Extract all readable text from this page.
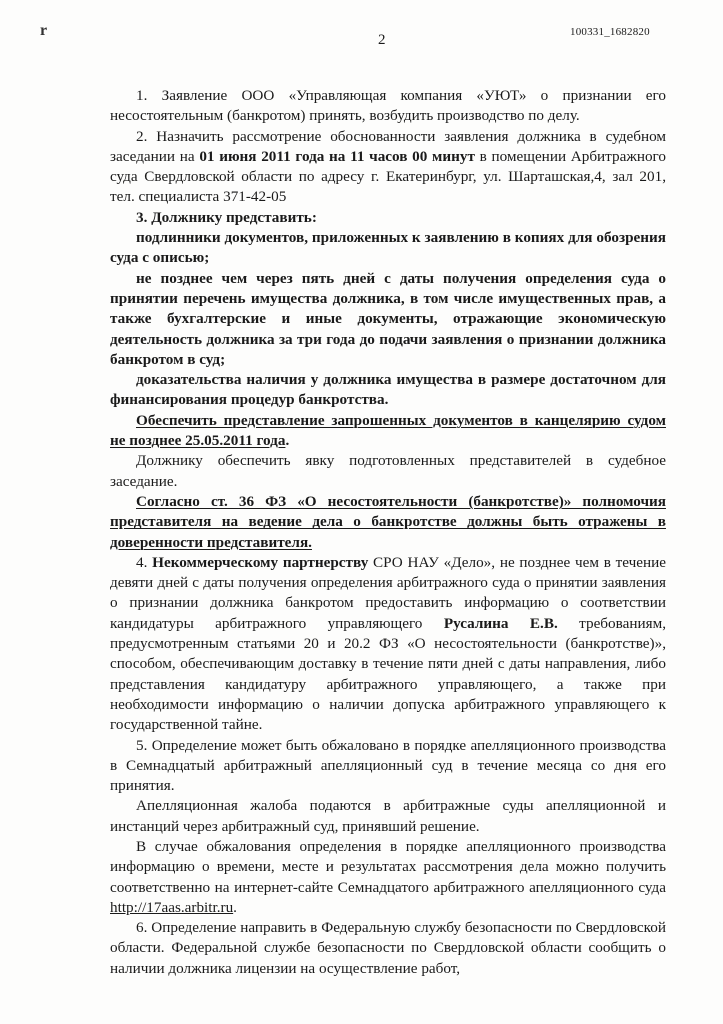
r
2	100331_1682820

1. Заявление ООО «Управляющая компания «УЮТ» о признании его несостоятельным (банкротом) принять, возбудить производство по делу.

2. Назначить рассмотрение обоснованности заявления должника в судебном заседании на 01 июня 2011 года на 11 часов 00 минут в помещении Арбитражного суда Свердловской области по адресу г. Екатеринбург, ул. Шарташская,4, зал 201, тел. специалиста 371-42-05

3. Должнику представить:

подлинники документов, приложенных к заявлению в копиях для обозрения суда с описью;

не позднее чем через пять дней с даты получения определения суда о принятии перечень имущества должника, в том числе имущественных прав, а также бухгалтерские и иные документы, отражающие экономическую деятельность должника за три года до подачи заявления о признании должника банкротом в суд;

доказательства наличия у должника имущества в размере достаточном для финансирования процедур банкротства.

Обеспечить представление запрошенных документов в канцелярию судом не позднее 25.05.2011 года.

Должнику обеспечить явку подготовленных представителей в судебное заседание.

Согласно ст. 36 ФЗ «О несостоятельности (банкротстве)» полномочия представителя на ведение дела о банкротстве должны быть отражены в доверенности представителя.

4. Некоммерческому партнерству СРО НАУ «Дело», не позднее чем в течение девяти дней с даты получения определения арбитражного суда о принятии заявления о признании должника банкротом предоставить информацию о соответствии кандидатуры арбитражного управляющего Русалина Е.В. требованиям, предусмотренным статьями 20 и 20.2 ФЗ «О несостоятельности (банкротстве)», способом, обеспечивающим доставку в течение пяти дней с даты направления, либо представления кандидатуру арбитражного управляющего, а также при необходимости информацию о наличии допуска арбитражного управляющего к государственной тайне.

5. Определение может быть обжаловано в порядке апелляционного производства в Семнадцатый арбитражный апелляционный суд в течение месяца со дня его принятия.

Апелляционная жалоба подаются в арбитражные суды апелляционной и инстанций через арбитражный суд, принявший решение.

В случае обжалования определения в порядке апелляционного производства информацию о времени, месте и результатах рассмотрения дела можно получить соответственно на интернет-сайте Семнадцатого арбитражного апелляционного суда http://17aas.arbitr.ru.

6. Определение направить в Федеральную службу безопасности по Свердловской области. Федеральной службе безопасности по Свердловской области сообщить о наличии должника лицензии на осуществление работ,
